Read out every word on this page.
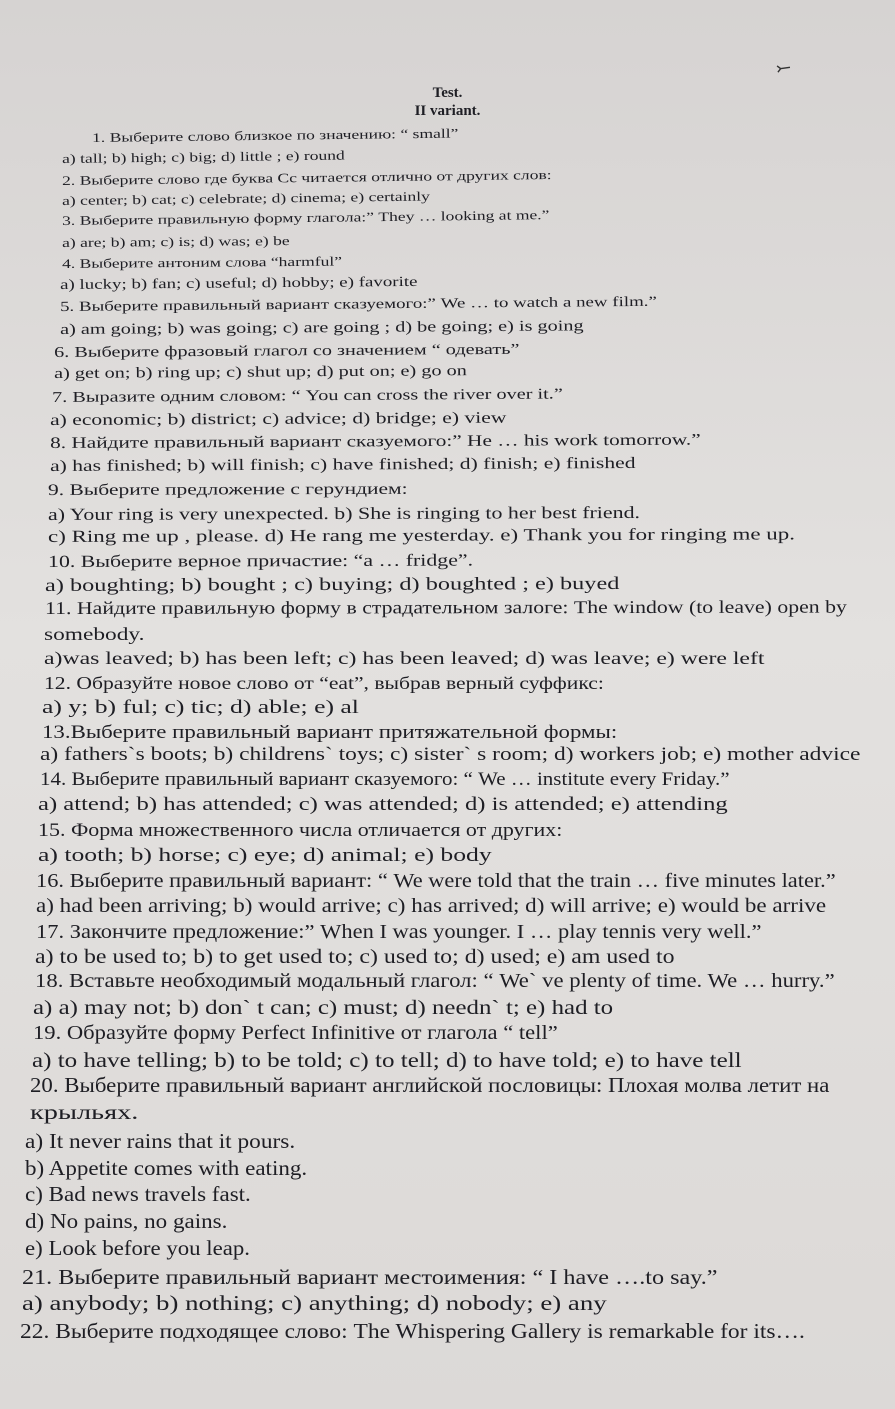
⤚
Test.
II variant.
1. Выберите слово близкое по значению: “ small”
a) tall; b) high; c) big; d) little ; e) round
2. Выберите слово где буква Cc читается отлично от других слов:
a) center; b) cat; c) celebrate; d) cinema; e) certainly
3. Выберите правильную форму глагола:” They … looking at me.”
a) are; b) am; c) is; d) was; e) be
4. Выберите антоним слова “harmful”
a) lucky; b) fan; c) useful; d) hobby; e) favorite
5. Выберите правильный вариант сказуемого:” We … to watch a new film.”
a) am going; b) was going; c) are going ; d) be going; e) is going
6. Выберите фразовый глагол со значением “ одевать”
a) get on; b) ring up; c) shut up; d) put on; e) go on
7. Выразите одним словом: “ You can cross the river over it.”
a) economic; b) district; c) advice; d) bridge; e) view
8. Найдите правильный вариант сказуемого:” He … his work tomorrow.”
a) has finished; b) will finish; c) have finished; d) finish; e) finished
9. Выберите предложение с герундием:
a) Your ring is very unexpected. b) She is ringing to her best friend.
c) Ring me up , please. d) He rang me yesterday. e) Thank you for ringing me up.
10. Выберите верное причастие: “a … fridge”.
a) boughting; b) bought ; c) buying; d) boughted ; e) buyed
11. Найдите правильную форму в страдательном залоге: The window (to leave) open by
somebody.
a)was leaved; b) has been left; c) has been leaved; d) was leave; e) were left
12. Образуйте новое слово от “eat”, выбрав верный суффикс:
a) y; b) ful; c) tic; d) able; e) al
13.Выберите правильный вариант притяжательной формы:
a) fathers`s boots; b) childrens` toys; c) sister` s room; d) workers job; e) mother advice
14. Выберите правильный вариант сказуемого: “ We … institute every Friday.”
a) attend; b) has attended; c) was attended; d) is attended; e) attending
15. Форма множественного числа отличается от других:
a) tooth; b) horse; c) eye; d) animal; e) body
16. Выберите правильный вариант: “ We were told that the train … five minutes later.”
a) had been arriving; b) would arrive; c) has arrived; d) will arrive; e) would be arrive
17. Закончите предложение:” When I was younger. I … play tennis very well.”
a) to be used to; b) to get used to; c) used to; d) used; e) am used to
18. Вставьте необходимый модальный глагол: “ We` ve plenty of time. We … hurry.”
a) a) may not; b) don` t can; c) must; d) needn` t; e) had to
19. Образуйте форму Perfect Infinitive от глагола “ tell”
a) to have telling; b) to be told; c) to tell; d) to have told; e) to have tell
20. Выберите правильный вариант английской пословицы: Плохая молва летит на
крыльях.
a) It never rains that it pours.
b) Appetite comes with eating.
c) Bad news travels fast.
d) No pains, no gains.
e) Look before you leap.
21. Выберите правильный вариант местоимения: “ I have ….to say.”
a) anybody; b) nothing; c) anything; d) nobody; e) any
22. Выберите подходящее слово: The Whispering Gallery is remarkable for its….
